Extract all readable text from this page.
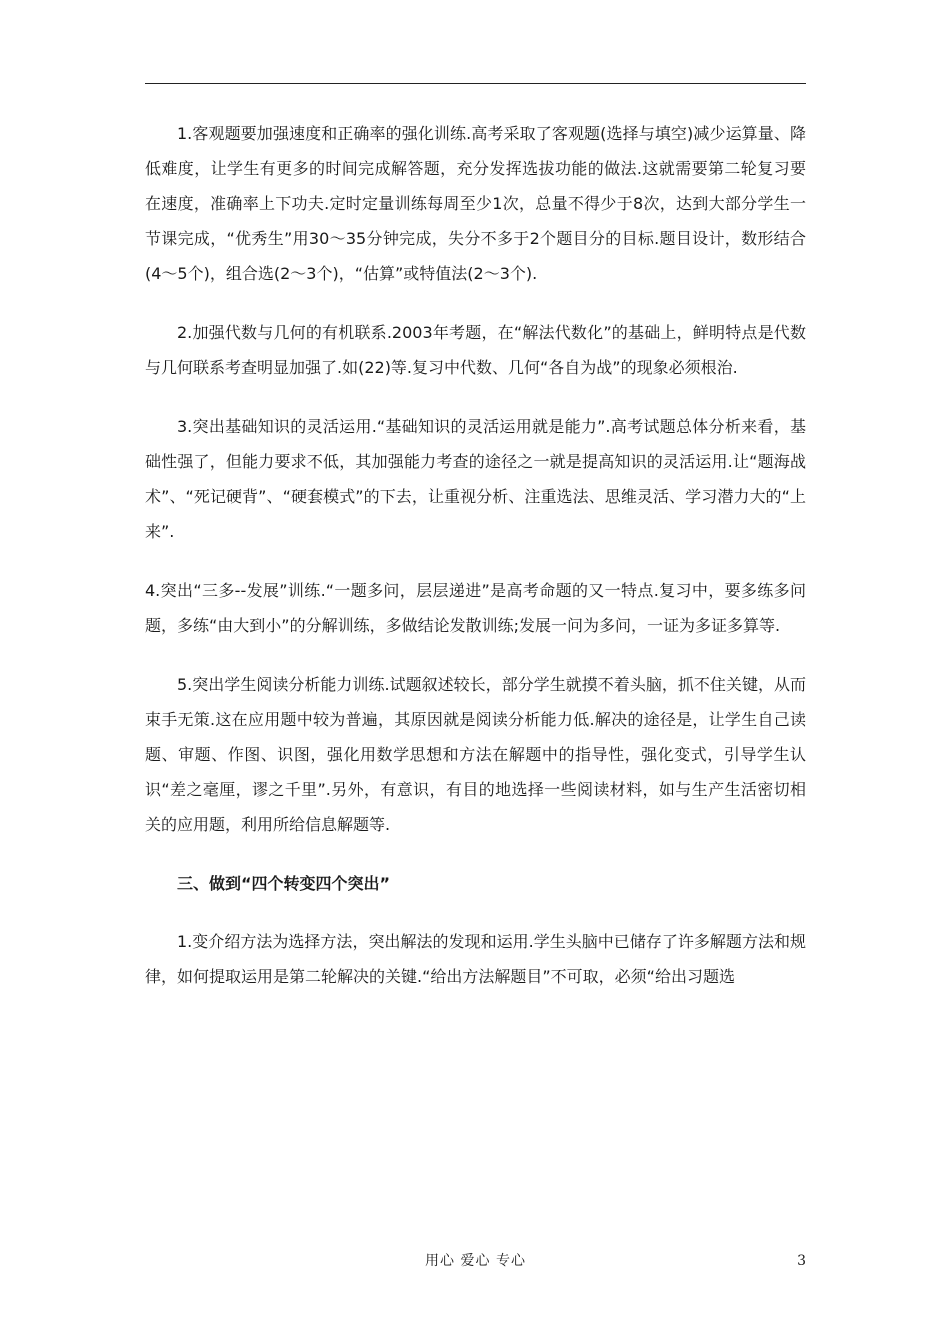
1.客观题要加强速度和正确率的强化训练.高考采取了客观题(选择与填空)减少运算量、降低难度，让学生有更多的时间完成解答题，充分发挥选拔功能的做法.这就需要第二轮复习要在速度，准确率上下功夫.定时定量训练每周至少1次，总量不得少于8次，达到大部分学生一节课完成，“优秀生”用30～35分钟完成，失分不多于2个题目分的目标.题目设计，数形结合(4～5个)，组合选(2～3个)，“估算”或特值法(2～3个).

2.加强代数与几何的有机联系.2003年考题，在“解法代数化”的基础上，鲜明特点是代数与几何联系考查明显加强了.如(22)等.复习中代数、几何“各自为战”的现象必须根治.

3.突出基础知识的灵活运用.“基础知识的灵活运用就是能力”.高考试题总体分析来看，基础性强了，但能力要求不低，其加强能力考查的途径之一就是提高知识的灵活运用.让“题海战术”、“死记硬背”、“硬套模式”的下去，让重视分析、注重选法、思维灵活、学习潜力大的“上来”.

4.突出“三多--发展”训练.“一题多问，层层递进”是高考命题的又一特点.复习中，要多练多问题，多练“由大到小”的分解训练，多做结论发散训练;发展一问为多问，一证为多证多算等.

5.突出学生阅读分析能力训练.试题叙述较长，部分学生就摸不着头脑，抓不住关键，从而束手无策.这在应用题中较为普遍，其原因就是阅读分析能力低.解决的途径是，让学生自己读题、审题、作图、识图，强化用数学思想和方法在解题中的指导性，强化变式，引导学生认识“差之毫厘，谬之千里”.另外，有意识，有目的地选择一些阅读材料，如与生产生活密切相关的应用题，利用所给信息解题等.

三、做到“四个转变四个突出”

1.变介绍方法为选择方法，突出解法的发现和运用.学生头脑中已储存了许多解题方法和规律，如何提取运用是第二轮解决的关键.“给出方法解题目”不可取，必须“给出习题选

用心 爱心 专心	3
